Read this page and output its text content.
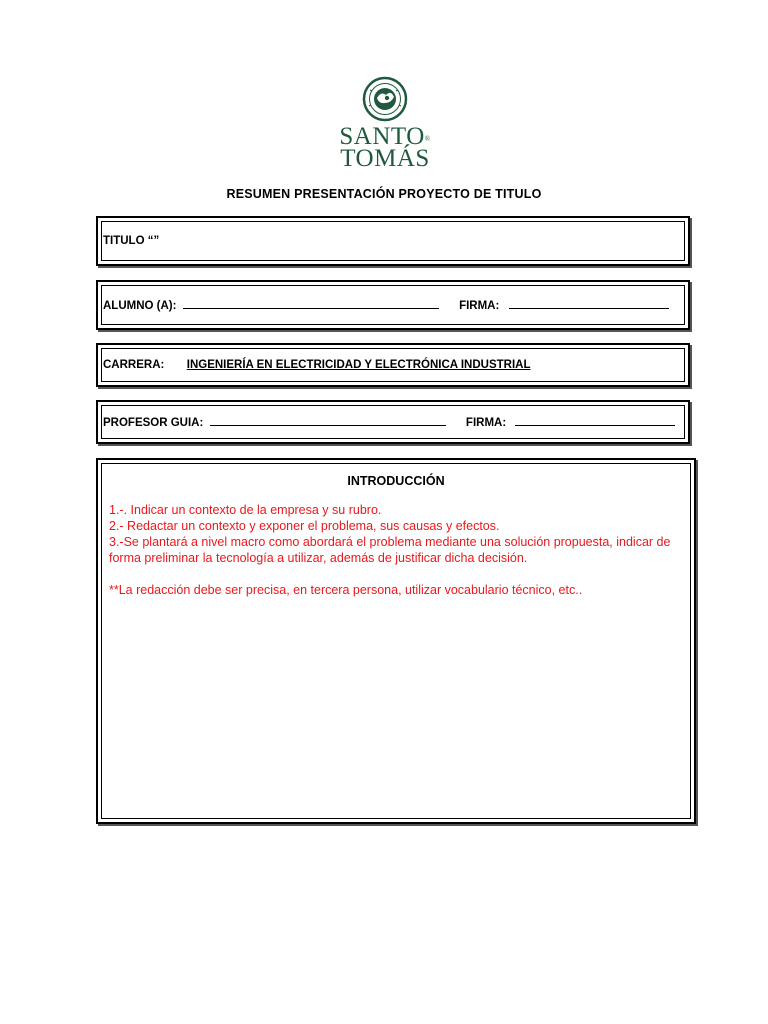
SANTO®
TOMÁS
RESUMEN PRESENTACIÓN PROYECTO DE TITULO
TITULO “”
ALUMNO (A):	FIRMA:
CARRERA: INGENIERÍA EN ELECTRICIDAD Y ELECTRÓNICA INDUSTRIAL
PROFESOR GUIA:	FIRMA:
INTRODUCCIÓN

1.-. Indicar un contexto de la empresa y su rubro.

2.- Redactar un contexto y exponer el problema, sus causas y efectos.

3.-Se plantará a nivel macro como abordará el problema mediante una solución propuesta, indicar de forma preliminar la tecnología a utilizar, además de justificar dicha decisión.

**La redacción debe ser precisa, en tercera persona, utilizar vocabulario técnico, etc..
